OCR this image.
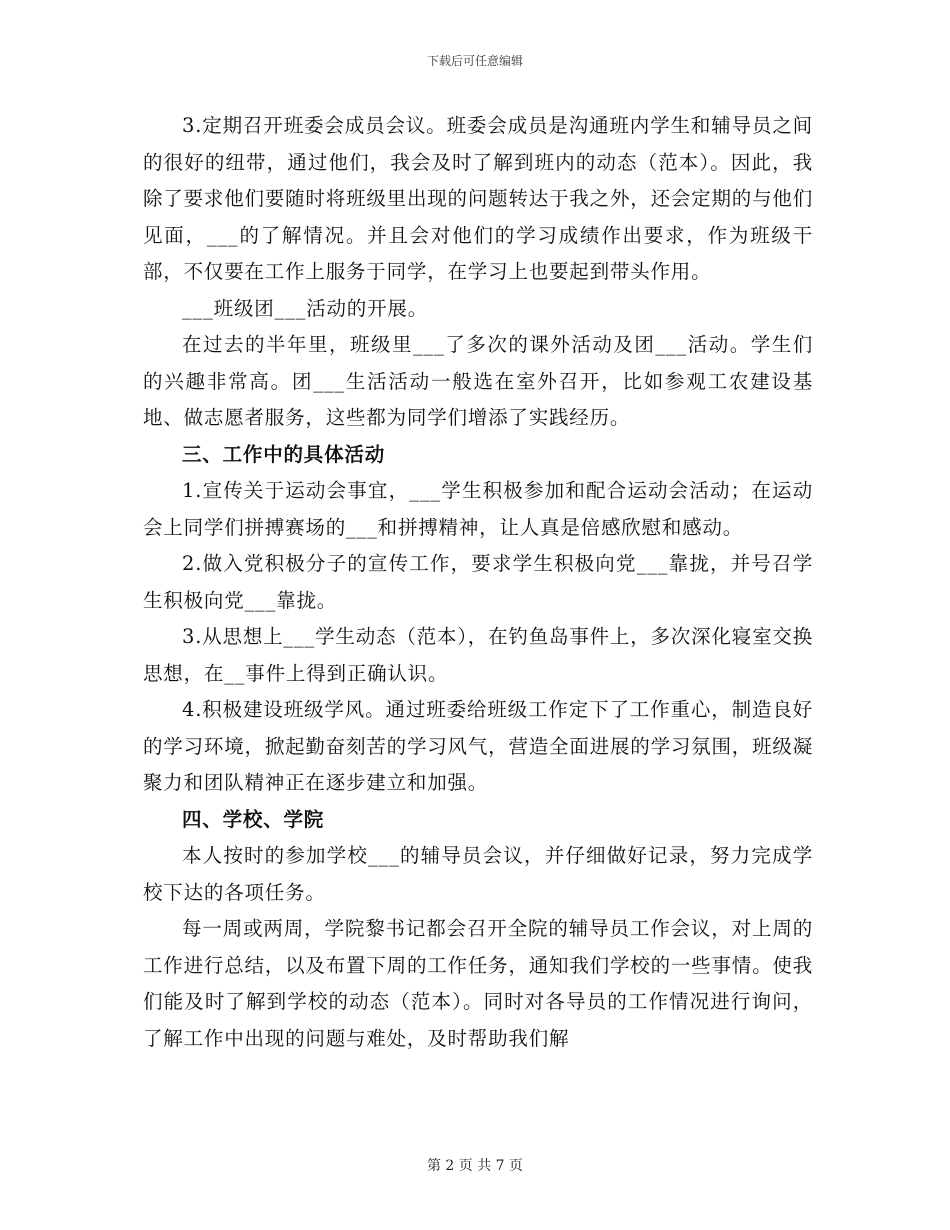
下载后可任意编辑

3.定期召开班委会成员会议。班委会成员是沟通班内学生和辅导员之间的很好的纽带，通过他们，我会及时了解到班内的动态（范本）。因此，我除了要求他们要随时将班级里出现的问题转达于我之外，还会定期的与他们见面，___的了解情况。并且会对他们的学习成绩作出要求，作为班级干部，不仅要在工作上服务于同学，在学习上也要起到带头作用。

___班级团___活动的开展。

在过去的半年里，班级里___了多次的课外活动及团___活动。学生们的兴趣非常高。团___生活活动一般选在室外召开，比如参观工农建设基地、做志愿者服务，这些都为同学们增添了实践经历。

三、工作中的具体活动

1.宣传关于运动会事宜，___学生积极参加和配合运动会活动；在运动会上同学们拼搏赛场的___和拼搏精神，让人真是倍感欣慰和感动。

2.做入党积极分子的宣传工作，要求学生积极向党___靠拢，并号召学生积极向党___靠拢。

3.从思想上___学生动态（范本），在钓鱼岛事件上，多次深化寝室交换思想，在__事件上得到正确认识。

4.积极建设班级学风。通过班委给班级工作定下了工作重心，制造良好的学习环境，掀起勤奋刻苦的学习风气，营造全面进展的学习氛围，班级凝聚力和团队精神正在逐步建立和加强。

四、学校、学院

本人按时的参加学校___的辅导员会议，并仔细做好记录，努力完成学校下达的各项任务。

每一周或两周，学院黎书记都会召开全院的辅导员工作会议，对上周的工作进行总结，以及布置下周的工作任务，通知我们学校的一些事情。使我们能及时了解到学校的动态（范本）。同时对各导员的工作情况进行询问，了解工作中出现的问题与难处，及时帮助我们解

第 2 页 共 7 页
